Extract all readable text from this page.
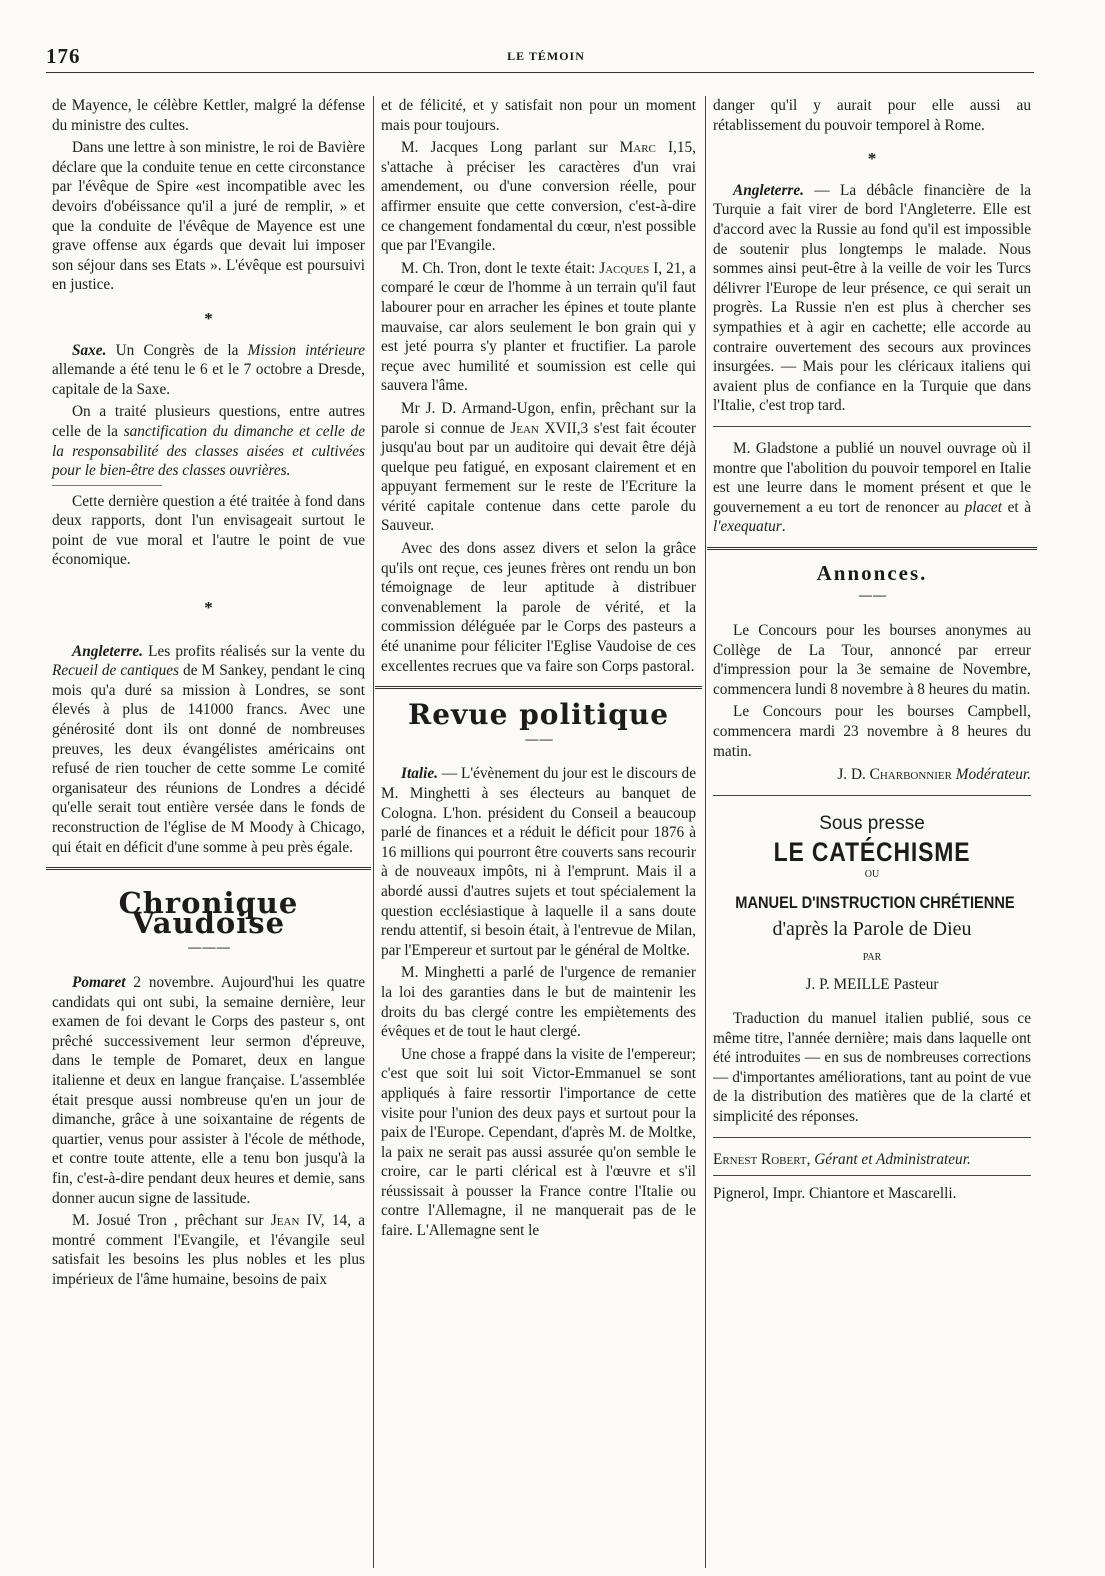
176	LE TÉMOIN

de Mayence, le célèbre Kettler, malgré la défense du ministre des cultes.

Dans une lettre à son ministre, le roi de Bavière déclare que la conduite tenue en cette circonstance par l'évêque de Spire «est incompatible avec les devoirs d'obéissance qu'il a juré de remplir, » et que la conduite de l'évêque de Mayence est une grave offense aux égards que devait lui imposer son séjour dans ses Etats ». L'évêque est poursuivi en justice.

*

Saxe. Un Congrès de la Mission intérieure allemande a été tenu le 6 et le 7 octobre a Dresde, capitale de la Saxe.

On a traité plusieurs questions, entre autres celle de la sanctification du dimanche et celle de la responsabilité des classes aisées et cultivées pour le bien-être des classes ouvrières.

Cette dernière question a été traitée à fond dans deux rapports, dont l'un envisageait surtout le point de vue moral et l'autre le point de vue économique.

*

Angleterre. Les profits réalisés sur la vente du Recueil de cantiques de M Sankey, pendant le cinq mois qu'a duré sa mission à Londres, se sont élevés à plus de 141000 francs. Avec une générosité dont ils ont donné de nombreuses preuves, les deux évangélistes américains ont refusé de rien toucher de cette somme Le comité organisateur des réunions de Londres a décidé qu'elle serait tout entière versée dans le fonds de reconstruction de l'église de M Moody à Chicago, qui était en déficit d'une somme à peu près égale.

Chronique Vaudoise
— — —

Pomaret 2 novembre. Aujourd'hui les quatre candidats qui ont subi, la semaine dernière, leur examen de foi devant le Corps des pasteur s, ont prêché successivement leur sermon d'épreuve, dans le temple de Pomaret, deux en langue italienne et deux en langue française. L'assemblée était presque aussi nombreuse qu'en un jour de dimanche, grâce à une soixantaine de régents de quartier, venus pour assister à l'école de méthode, et contre toute attente, elle a tenu bon jusqu'à la fin, c'est-à-dire pendant deux heures et demie, sans donner aucun signe de lassitude.

M. Josué Tron , prêchant sur Jean IV, 14, a montré comment l'Evangile, et l'évangile seul satisfait les besoins les plus nobles et les plus impérieux de l'âme humaine, besoins de paix

et de félicité, et y satisfait non pour un moment mais pour toujours.

M. Jacques Long parlant sur Marc I,15, s'attache à préciser les caractères d'un vrai amendement, ou d'une conversion réelle, pour affirmer ensuite que cette conversion, c'est-à-dire ce changement fondamental du cœur, n'est possible que par l'Evangile.

M. Ch. Tron, dont le texte était: Jacques I, 21, a comparé le cœur de l'homme à un terrain qu'il faut labourer pour en arracher les épines et toute plante mauvaise, car alors seulement le bon grain qui y est jeté pourra s'y planter et fructifier. La parole reçue avec humilité et soumission est celle qui sauvera l'âme.

Mr J. D. Armand-Ugon, enfin, prêchant sur la parole si connue de Jean XVII,3 s'est fait écouter jusqu'au bout par un auditoire qui devait être déjà quelque peu fatigué, en exposant clairement et en appuyant fermement sur le reste de l'Ecriture la vérité capitale contenue dans cette parole du Sauveur.

Avec des dons assez divers et selon la grâce qu'ils ont reçue, ces jeunes frères ont rendu un bon témoignage de leur aptitude à distribuer convenablement la parole de vérité, et la commission déléguée par le Corps des pasteurs a été unanime pour féliciter l'Eglise Vaudoise de ces excellentes recrues que va faire son Corps pastoral.

Revue politique
— —

Italie. — L'évènement du jour est le discours de M. Minghetti à ses électeurs au banquet de Cologna. L'hon. président du Conseil a beaucoup parlé de finances et a réduit le déficit pour 1876 à 16 millions qui pourront être couverts sans recourir à de nouveaux impôts, ni à l'emprunt. Mais il a abordé aussi d'autres sujets et tout spécialement la question ecclésiastique à laquelle il a sans doute rendu attentif, si besoin était, à l'entrevue de Milan, par l'Empereur et surtout par le général de Moltke.

M. Minghetti a parlé de l'urgence de remanier la loi des garanties dans le but de maintenir les droits du bas clergé contre les empiètements des évêques et de tout le haut clergé.

Une chose a frappé dans la visite de l'empereur; c'est que soit lui soit Victor-Emmanuel se sont appliqués à faire ressortir l'importance de cette visite pour l'union des deux pays et surtout pour la paix de l'Europe. Cependant, d'après M. de Moltke, la paix ne serait pas aussi assurée qu'on semble le croire, car le parti clérical est à l'œuvre et s'il réussissait à pousser la France contre l'Italie ou contre l'Allemagne, il ne manquerait pas de le faire. L'Allemagne sent le

danger qu'il y aurait pour elle aussi au rétablissement du pouvoir temporel à Rome.

*

Angleterre. — La débâcle financière de la Turquie a fait virer de bord l'Angleterre. Elle est d'accord avec la Russie au fond qu'il est impossible de soutenir plus longtemps le malade. Nous sommes ainsi peut-être à la veille de voir les Turcs délivrer l'Europe de leur présence, ce qui serait un progrès. La Russie n'en est plus à chercher ses sympathies et à agir en cachette; elle accorde au contraire ouvertement des secours aux provinces insurgées. — Mais pour les cléricaux italiens qui avaient plus de confiance en la Turquie que dans l'Italie, c'est trop tard.

M. Gladstone a publié un nouvel ouvrage où il montre que l'abolition du pouvoir temporel en Italie est une leurre dans le moment présent et que le gouvernement a eu tort de renoncer au placet et à l'exequatur.

Annonces.
— —

Le Concours pour les bourses anonymes au Collège de La Tour, annoncé par erreur d'impression pour la 3e semaine de Novembre, commencera lundi 8 novembre à 8 heures du matin.

Le Concours pour les bourses Campbell, commencera mardi 23 novembre à 8 heures du matin.

J. D. Charbonnier Modérateur.
Sous presse
LE CATÉCHISME
OU
MANUEL D'INSTRUCTION CHRÉTIENNE
d'après la Parole de Dieu
PAR
J. P. MEILLE Pasteur

Traduction du manuel italien publié, sous ce même titre, l'année dernière; mais dans laquelle ont été introduites — en sus de nombreuses corrections — d'importantes améliorations, tant au point de vue de la distribution des matières que de la clarté et simplicité des réponses.

Ernest Robert, Gérant et Administrateur.

Pignerol, Impr. Chiantore et Mascarelli.
